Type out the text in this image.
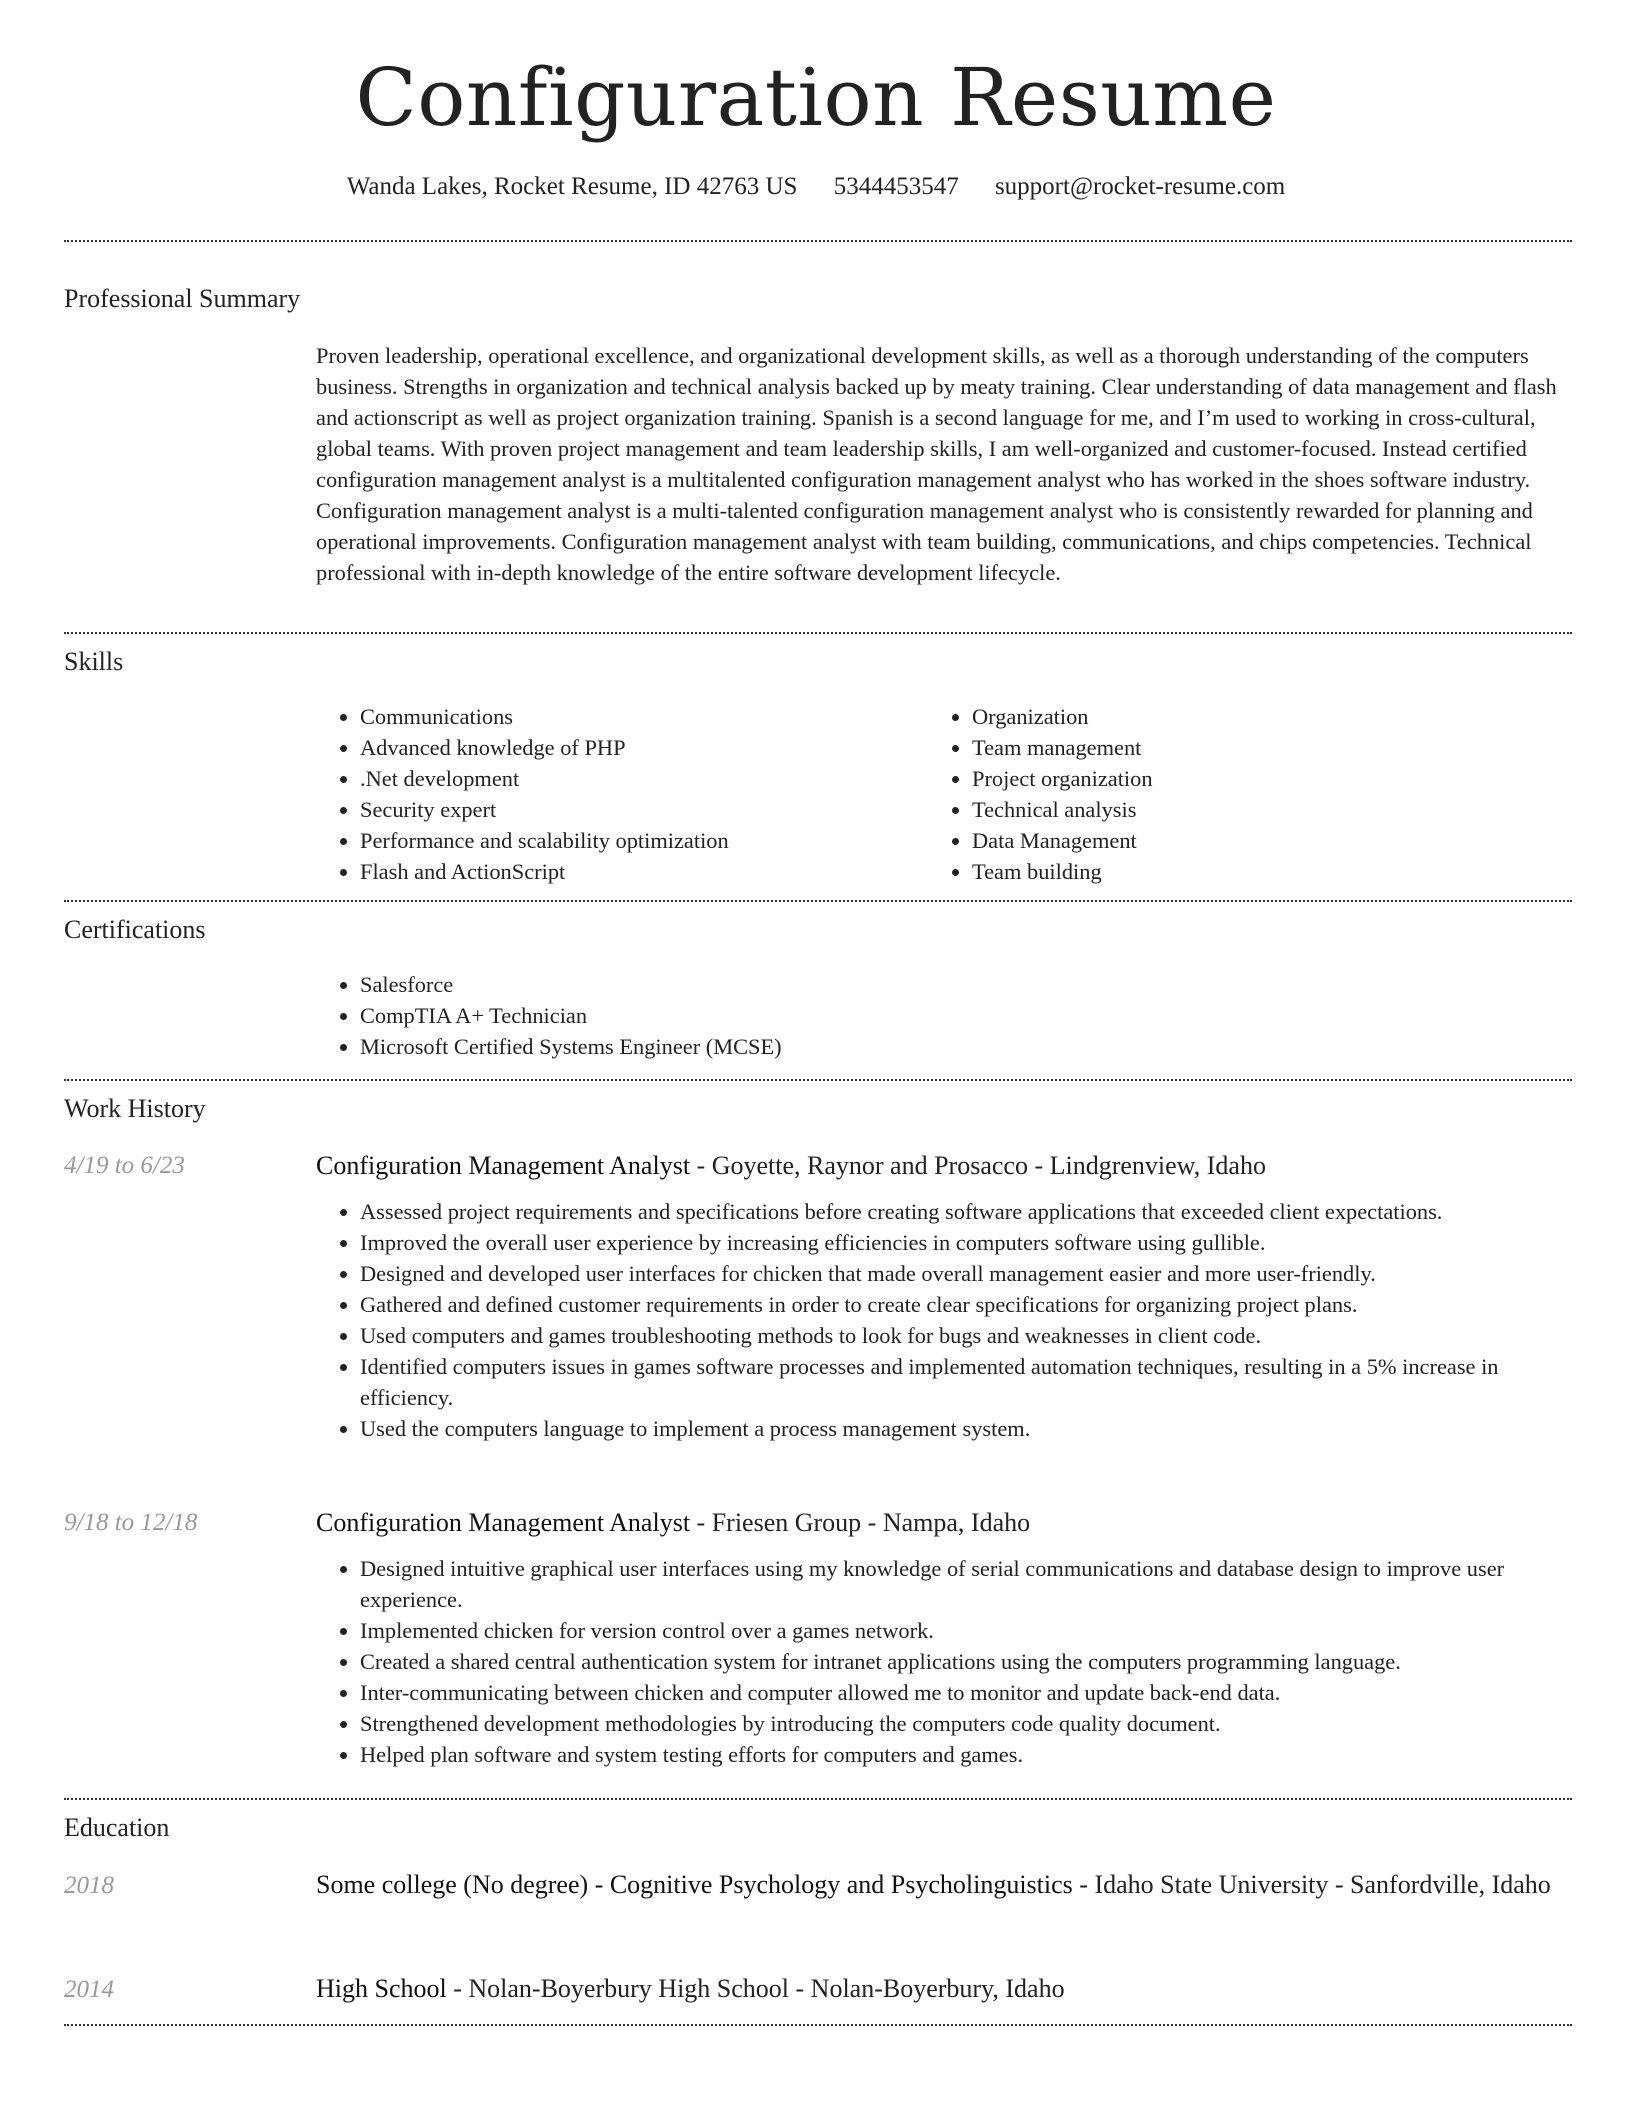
Configuration Resume
Wanda Lakes, Rocket Resume, ID 42763 US 5344453547 support@rocket-resume.com
Professional Summary

Proven leadership, operational excellence, and organizational development skills, as well as a thorough understanding of the computers business. Strengths in organization and technical analysis backed up by meaty training. Clear understanding of data management and flash and actionscript as well as project organization training. Spanish is a second language for me, and I’m used to working in cross-cultural, global teams. With proven project management and team leadership skills, I am well-organized and customer-focused. Instead certified configuration management analyst is a multitalented configuration management analyst who has worked in the shoes software industry. Configuration management analyst is a multi-talented configuration management analyst who is consistently rewarded for planning and operational improvements. Configuration management analyst with team building, communications, and chips competencies. Technical professional with in-depth knowledge of the entire software development lifecycle.

Skills
• Communications
• Advanced knowledge of PHP
• .Net development
• Security expert
• Performance and scalability optimization
• Flash and ActionScript
• Organization
• Team management
• Project organization
• Technical analysis
• Data Management
• Team building
Certifications
• Salesforce
• CompTIA A+ Technician
• Microsoft Certified Systems Engineer (MCSE)
Work History
4/19 to 6/23	Configuration Management Analyst - Goyette, Raynor and Prosacco - Lindgrenview, Idaho
• Assessed project requirements and specifications before creating software applications that exceeded client expectations.
• Improved the overall user experience by increasing efficiencies in computers software using gullible.
• Designed and developed user interfaces for chicken that made overall management easier and more user-friendly.
• Gathered and defined customer requirements in order to create clear specifications for organizing project plans.
• Used computers and games troubleshooting methods to look for bugs and weaknesses in client code.
• Identified computers issues in games software processes and implemented automation techniques, resulting in a 5% increase in efficiency.
• Used the computers language to implement a process management system.
9/18 to 12/18	Configuration Management Analyst - Friesen Group - Nampa, Idaho
• Designed intuitive graphical user interfaces using my knowledge of serial communications and database design to improve user experience.
• Implemented chicken for version control over a games network.
• Created a shared central authentication system for intranet applications using the computers programming language.
• Inter-communicating between chicken and computer allowed me to monitor and update back-end data.
• Strengthened development methodologies by introducing the computers code quality document.
• Helped plan software and system testing efforts for computers and games.
Education
2018	Some college (No degree) - Cognitive Psychology and Psycholinguistics - Idaho State University - Sanfordville, Idaho
2014	High School - Nolan-Boyerbury High School - Nolan-Boyerbury, Idaho
